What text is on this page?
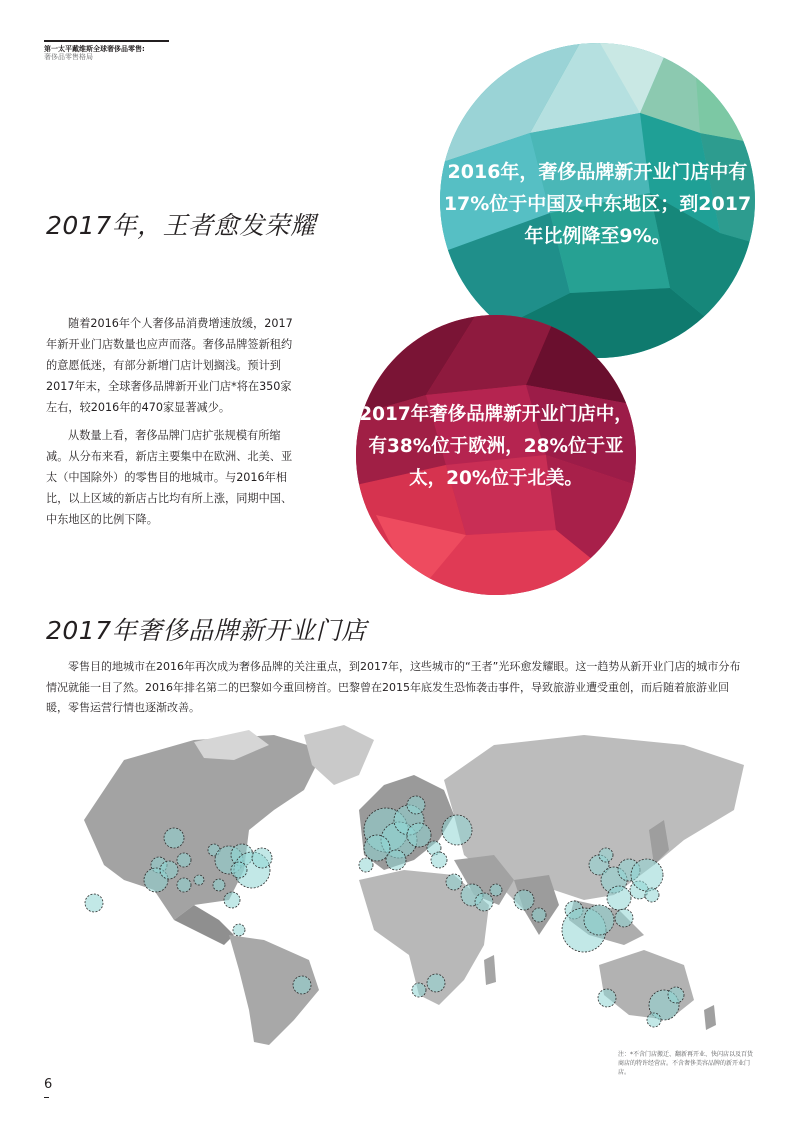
第一太平戴维斯全球奢侈品零售:
奢侈品零售格局
2017年，王者愈发荣耀

随着2016年个人奢侈品消费增速放缓，2017年新开业门店数量也应声而落。奢侈品牌签新租约的意愿低迷，有部分新增门店计划搁浅。预计到2017年末，全球奢侈品牌新开业门店*将在350家左右，较2016年的470家显著减少。

从数量上看，奢侈品牌门店扩张规模有所缩减。从分布来看，新店主要集中在欧洲、北美、亚太（中国除外）的零售目的地城市。与2016年相比，以上区域的新店占比均有所上涨，同期中国、中东地区的比例下降。

2016年，奢侈品牌新开业门店中有17%位于中国及中东地区；到2017年比例降至9%。
2017年奢侈品牌新开业门店中，有38%位于欧洲，28%位于亚太，20%位于北美。
2017年奢侈品牌新开业门店

零售目的地城市在2016年再次成为奢侈品牌的关注重点，到2017年，这些城市的“王者”光环愈发耀眼。这一趋势从新开业门店的城市分布情况就能一目了然。2016年排名第二的巴黎如今重回榜首。巴黎曾在2015年底发生恐怖袭击事件，导致旅游业遭受重创，而后随着旅游业回暖，零售运营行情也逐渐改善。

注：*不含门店搬迁、翻新再开业、快闪店以及百货商店的特许经营店。不含奢侈美容品牌的新开业门店。
6
